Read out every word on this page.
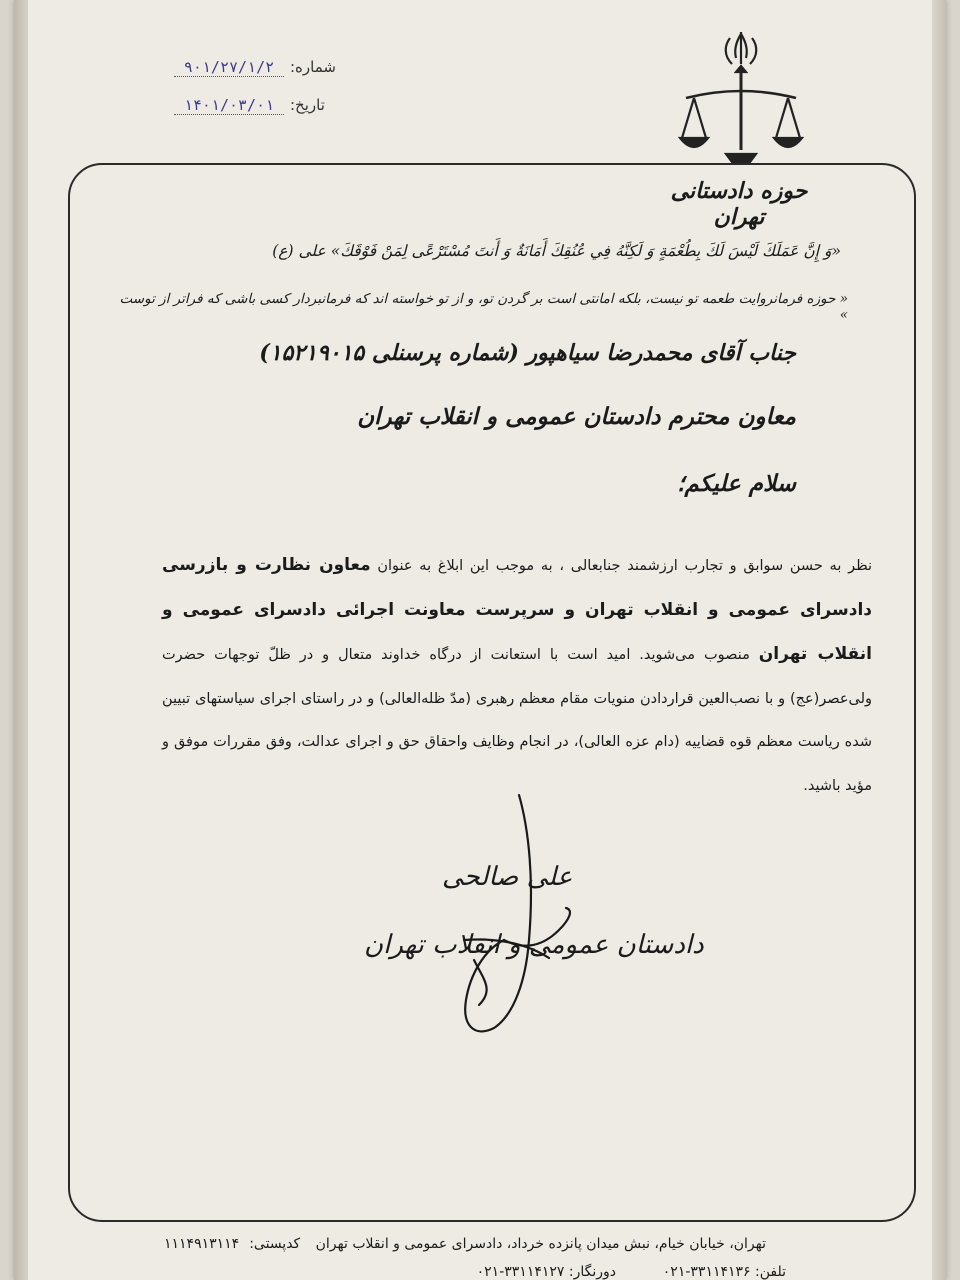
شماره:
۹۰۱/۲۷/۱/۲
تاریخ:
۱۴۰۱/۰۳/۰۱
حوزه دادستانی تهران
«وَ إِنَّ عَمَلَكَ لَيْسَ لَكَ بِطُعْمَةٍ وَ لَكِنَّهُ فِي عُنُقِكَ أَمَانَةٌ وَ أَنتَ مُسْتَرْعًى لِمَنْ فَوْقَكَ» علی (ع)
« حوزه فرمانروایت طعمه تو نیست، بلکه امانتی است بر گردن تو، و از تو خواسته اند که فرمانبردار کسی باشی که فراتر از توست »
جناب آقای محمدرضا سیاهپور (شماره پرسنلی ۱۵۲۱۹۰۱۵)
معاون محترم دادستان عمومی و انقلاب تهران
سلام علیکم؛
نظر به حسن سوابق و تجارب ارزشمند جنابعالی ، به موجب این ابلاغ به عنوان معاون نظارت و بازرسی دادسرای عمومی و انقلاب تهران و سرپرست معاونت اجرائی دادسرای عمومی و انقلاب تهران منصوب می‌شوید. امید است با استعانت از درگاه خداوند متعال و در ظلّ توجهات حضرت ولی‌عصر(عج) و با نصب‌العین قراردادن منویات مقام معظم رهبری (مدّ ظله‌العالی) و در راستای اجرای سیاستهای تبیین شده ریاست معظم قوه قضاییه (دام عزه العالی)، در انجام وظایف واحقاق حق و اجرای عدالت، وفق مقررات موفق و مؤید باشید.
علی صالحی
دادستان عمومی و انقلاب تهران
تهران، خیابان خیام، نبش میدان پانزده خرداد، دادسرای عمومی و انقلاب تهران
کدپستی:
۱۱۱۴۹۱۳۱۱۴
تلفن: ۳۳۱۱۴۱۳۶-۰۲۱
دورنگار: ۳۳۱۱۴۱۲۷-۰۲۱
